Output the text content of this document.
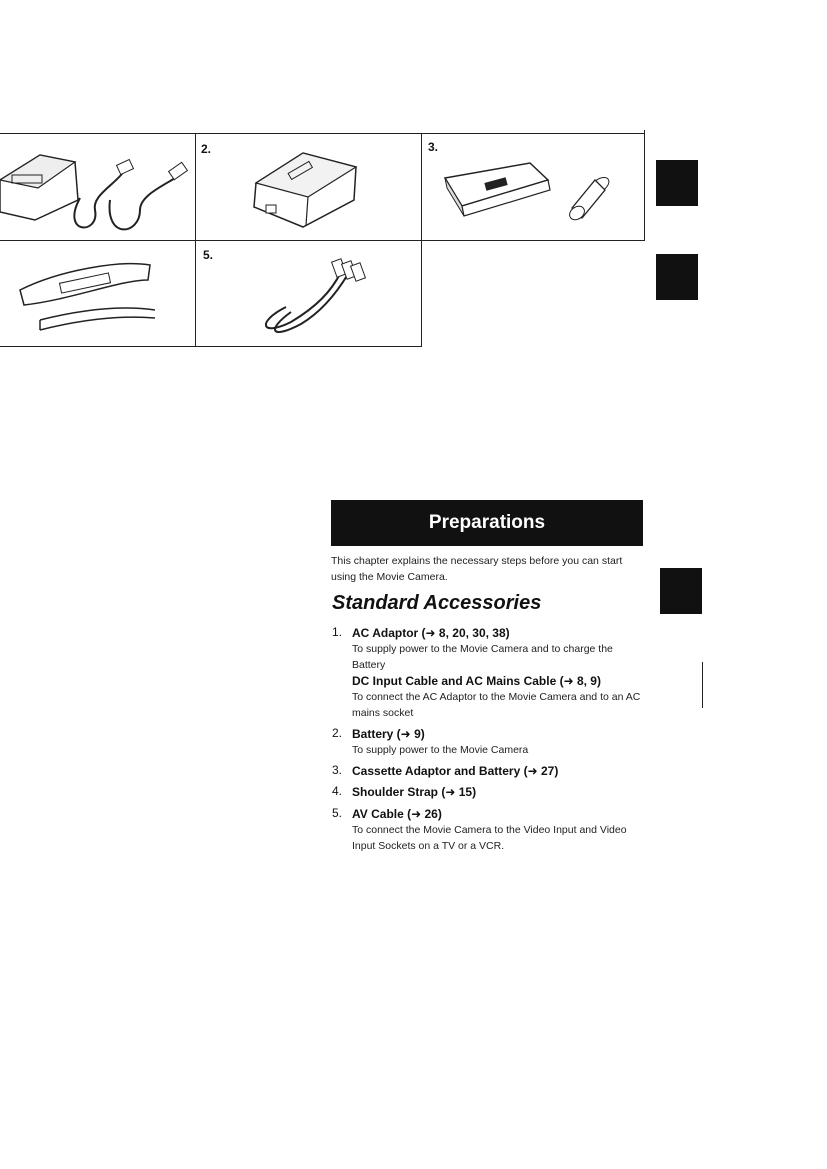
2.	3.
5.
Preparations
This chapter explains the necessary steps before you can start using the Movie Camera.
Standard Accessories
1. AC Adaptor (➜ 8, 20, 30, 38)
To supply power to the Movie Camera and to charge the Battery
DC Input Cable and AC Mains Cable (➜ 8, 9)
To connect the AC Adaptor to the Movie Camera and to an AC mains socket
2. Battery (➜ 9)
To supply power to the Movie Camera
3. Cassette Adaptor and Battery (➜ 27)
4. Shoulder Strap (➜ 15)
5. AV Cable (➜ 26)
To connect the Movie Camera to the Video Input and Video Input Sockets on a TV or a VCR.
